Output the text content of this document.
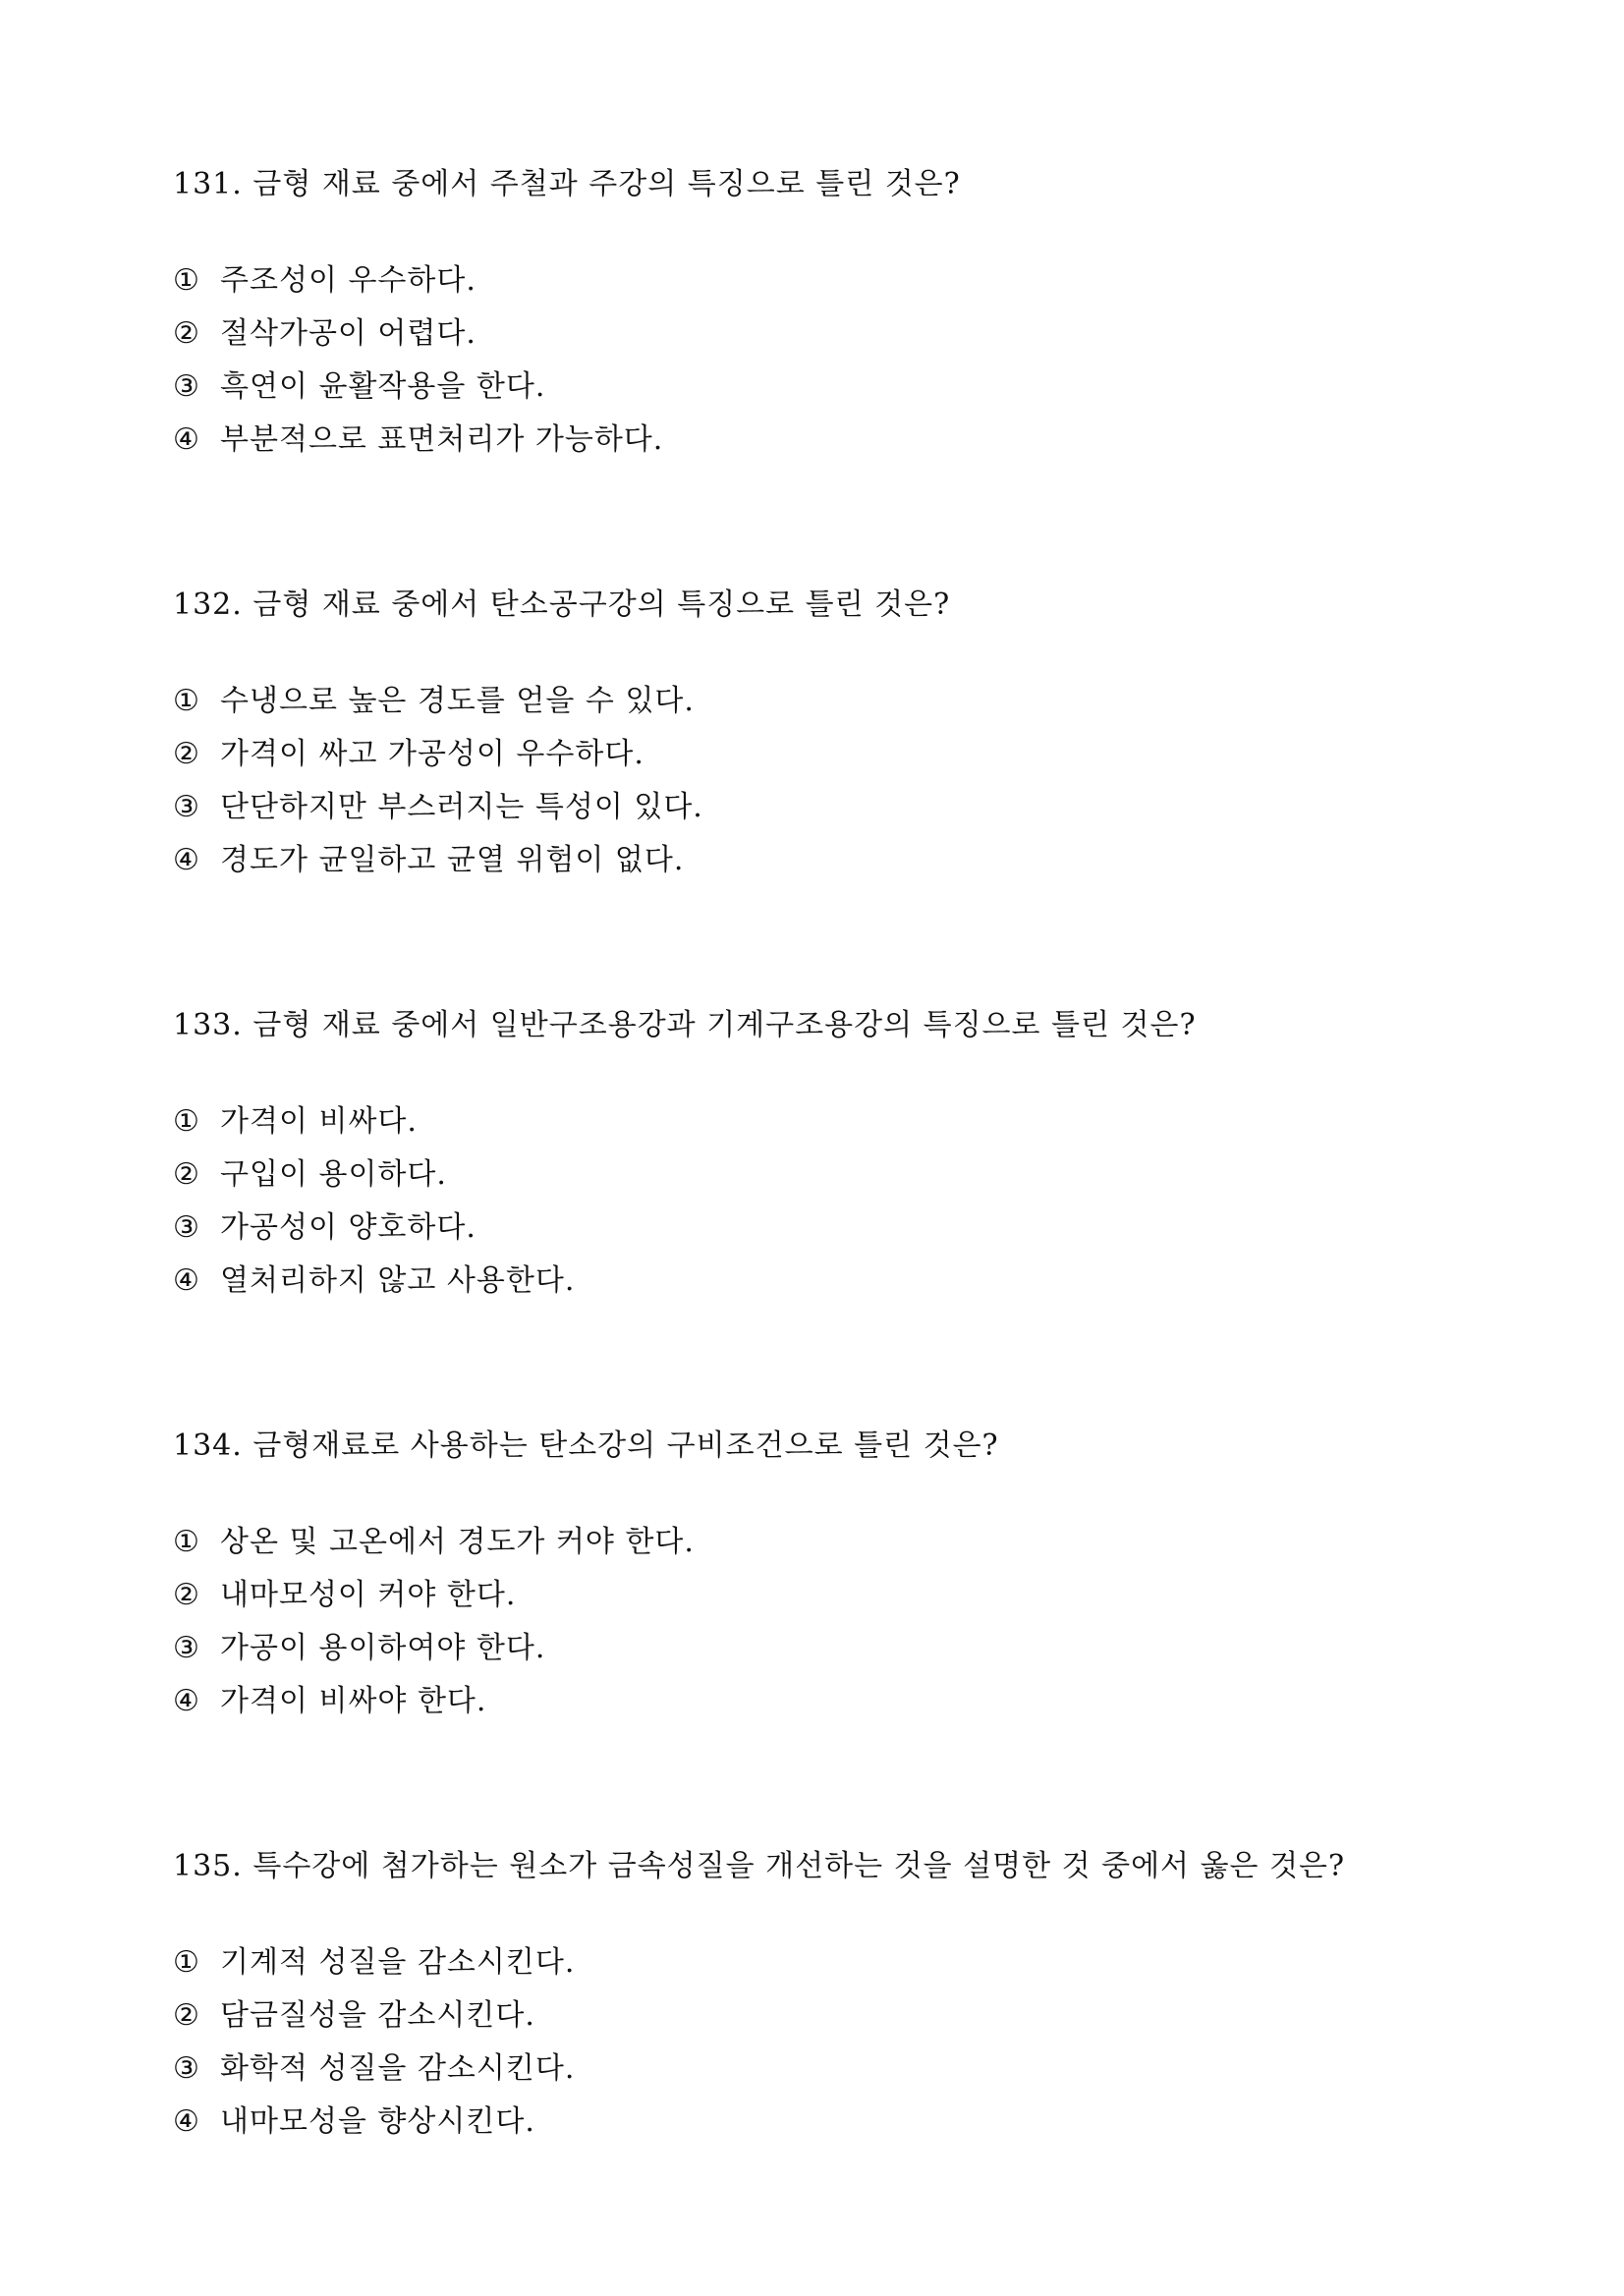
131. 금형 재료 중에서 주철과 주강의 특징으로 틀린 것은?
① 주조성이 우수하다.
② 절삭가공이 어렵다.
③ 흑연이 윤활작용을 한다.
④ 부분적으로 표면처리가 가능하다.
132. 금형 재료 중에서 탄소공구강의 특징으로 틀린 것은?
① 수냉으로 높은 경도를 얻을 수 있다.
② 가격이 싸고 가공성이 우수하다.
③ 단단하지만 부스러지는 특성이 있다.
④ 경도가 균일하고 균열 위험이 없다.
133. 금형 재료 중에서 일반구조용강과 기계구조용강의 특징으로 틀린 것은?
① 가격이 비싸다.
② 구입이 용이하다.
③ 가공성이 양호하다.
④ 열처리하지 않고 사용한다.
134. 금형재료로 사용하는 탄소강의 구비조건으로 틀린 것은?
① 상온 및 고온에서 경도가 커야 한다.
② 내마모성이 커야 한다.
③ 가공이 용이하여야 한다.
④ 가격이 비싸야 한다.
135. 특수강에 첨가하는 원소가 금속성질을 개선하는 것을 설명한 것 중에서 옳은 것은?
① 기계적 성질을 감소시킨다.
② 담금질성을 감소시킨다.
③ 화학적 성질을 감소시킨다.
④ 내마모성을 향상시킨다.
